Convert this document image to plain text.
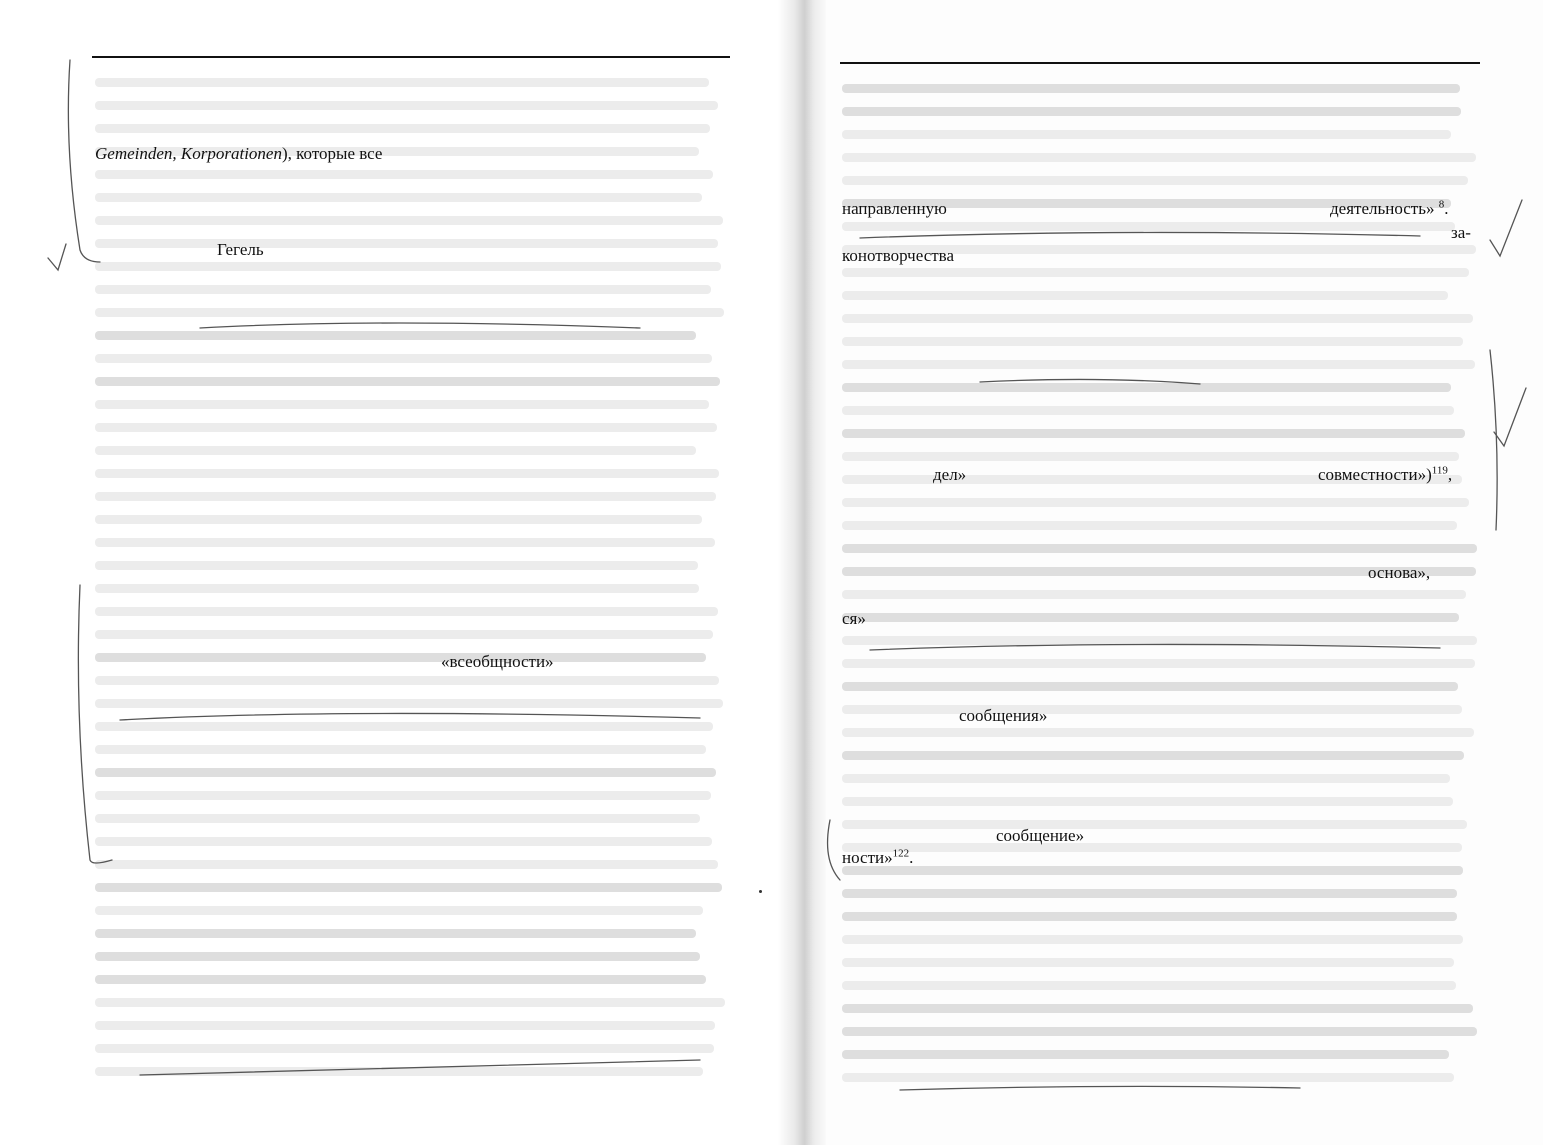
Gemeinden, Korporationen), которые все
Гегель
«всеобщности»
направленную	деятельность» $^8$.
за-
конотворчества
дел»	совместности»)$^{119}$,
основа»,
ся»
сообщения»
сообщение»
ности»$^{122}$.
